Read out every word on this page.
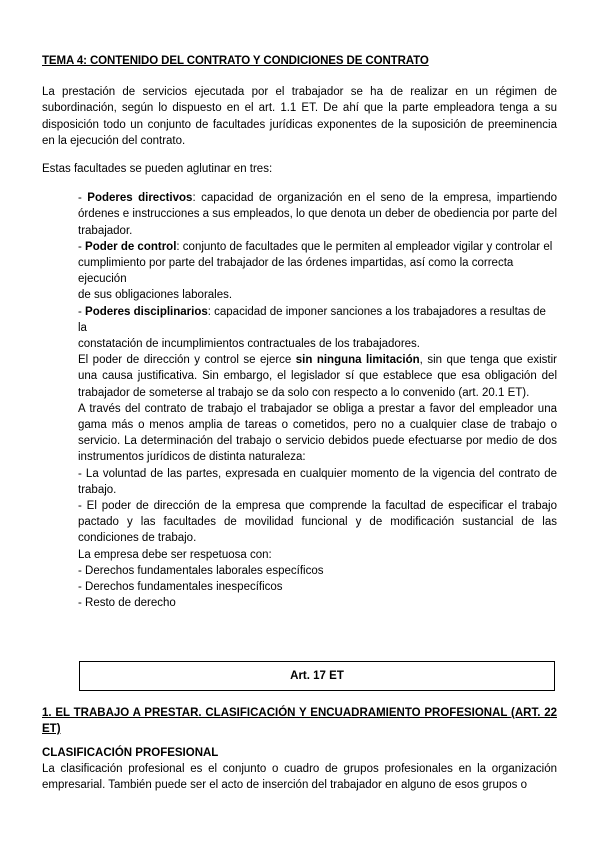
TEMA 4: CONTENIDO DEL CONTRATO Y CONDICIONES DE CONTRATO

La prestación de servicios ejecutada por el trabajador se ha de realizar en un régimen de subordinación, según lo dispuesto en el art. 1.1 ET. De ahí que la parte empleadora tenga a su disposición todo un conjunto de facultades jurídicas exponentes de la suposición de preeminencia en la ejecución del contrato.

Estas facultades se pueden aglutinar en tres:

- Poderes directivos: capacidad de organización en el seno de la empresa, impartiendo órdenes e instrucciones a sus empleados, lo que denota un deber de obediencia por parte del trabajador.

- Poder de control: conjunto de facultades que le permiten al empleador vigilar y controlar el

cumplimiento por parte del trabajador de las órdenes impartidas, así como la correcta ejecución

de sus obligaciones laborales.

- Poderes disciplinarios: capacidad de imponer sanciones a los trabajadores a resultas de la

constatación de incumplimientos contractuales de los trabajadores.

El poder de dirección y control se ejerce sin ninguna limitación, sin que tenga que existir una causa justificativa. Sin embargo, el legislador sí que establece que esa obligación del trabajador de someterse al trabajo se da solo con respecto a lo convenido (art. 20.1 ET).

A través del contrato de trabajo el trabajador se obliga a prestar a favor del empleador una gama más o menos amplia de tareas o cometidos, pero no a cualquier clase de trabajo o servicio. La determinación del trabajo o servicio debidos puede efectuarse por medio de dos instrumentos jurídicos de distinta naturaleza:

- La voluntad de las partes, expresada en cualquier momento de la vigencia del contrato de trabajo.

- El poder de dirección de la empresa que comprende la facultad de especificar el trabajo pactado y las facultades de movilidad funcional y de modificación sustancial de las condiciones de trabajo.

La empresa debe ser respetuosa con:

- Derechos fundamentales laborales específicos

- Derechos fundamentales inespecíficos

- Resto de derecho

Art. 17 ET

1. EL TRABAJO A PRESTAR. CLASIFICACIÓN Y ENCUADRAMIENTO PROFESIONAL (ART. 22 ET)

CLASIFICACIÓN PROFESIONAL

La clasificación profesional es el conjunto o cuadro de grupos profesionales en la organización empresarial. También puede ser el acto de inserción del trabajador en alguno de esos grupos o
